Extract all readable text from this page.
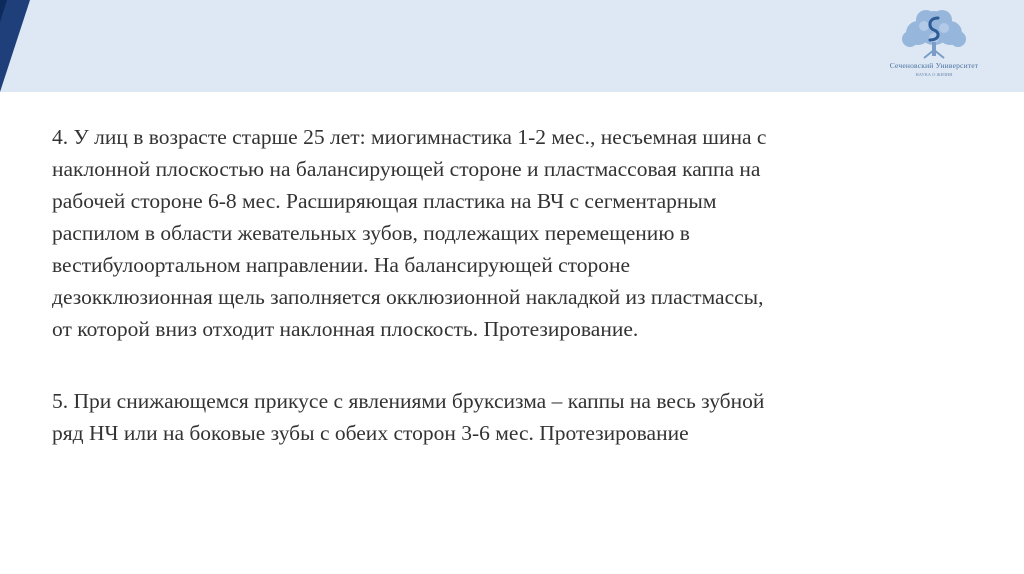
Сеченовский Университет
НАУКА О ЖИЗНИ

4. У лиц в возрасте старше 25 лет: миогимнастика 1-2 мес., несъемная шина с
наклонной плоскостью на балансирующей стороне и пластмассовая каппа на
рабочей стороне 6-8 мес. Расширяющая пластика на ВЧ с сегментарным
распилом в области жевательных зубов, подлежащих перемещению в
вестибулоортальном направлении. На балансирующей стороне
дезокклюзионная щель заполняется окклюзионной накладкой из пластмассы,
от которой вниз отходит наклонная плоскость. Протезирование.

5. При снижающемся прикусе с явлениями бруксизма – каппы на весь зубной
ряд НЧ или на боковые зубы с обеих сторон 3-6 мес. Протезирование
